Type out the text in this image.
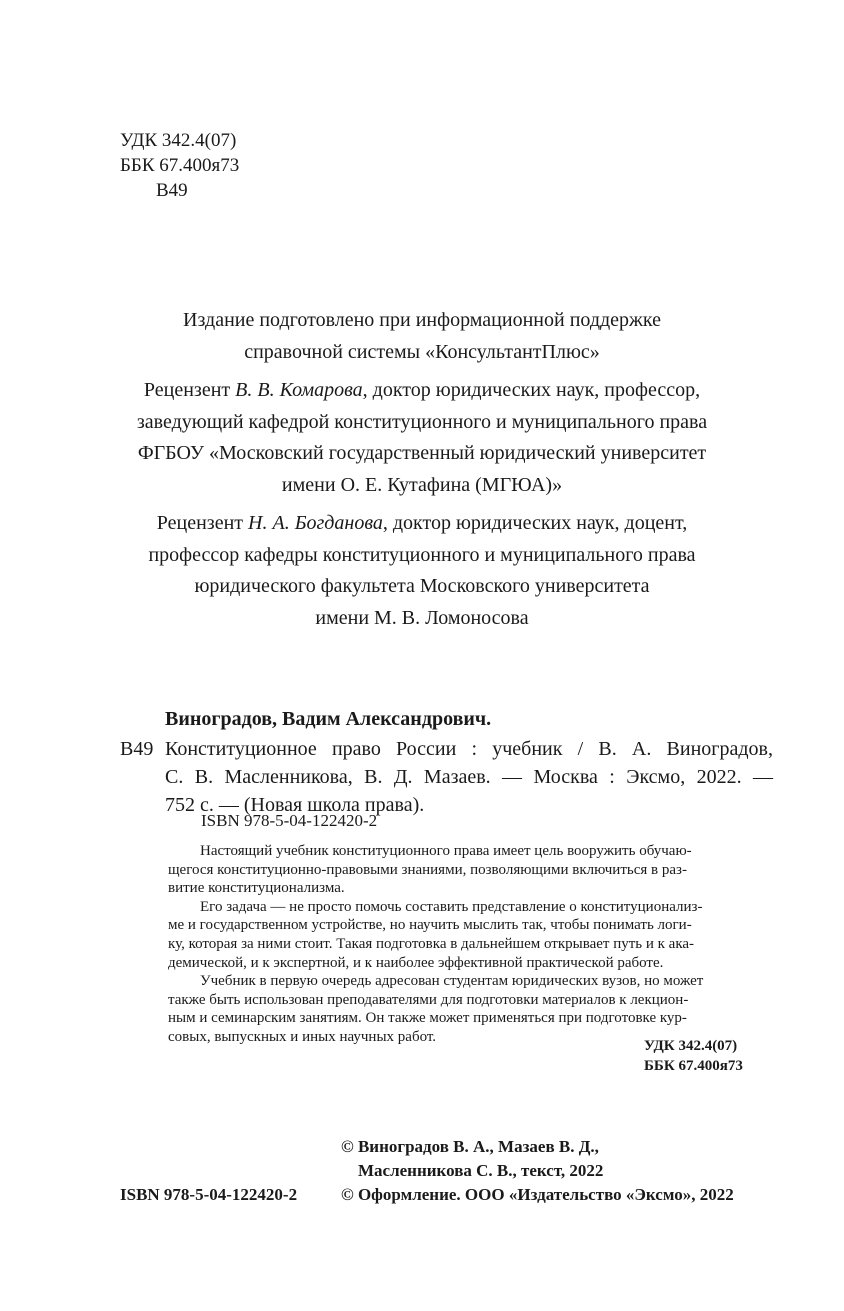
УДК 342.4(07)
ББК 67.400я73
В49
Издание подготовлено при информационной поддержке
справочной системы «КонсультантПлюс»
Рецензент В. В. Комарова, доктор юридических наук, профессор,
заведующий кафедрой конституционного и муниципального права
ФГБОУ «Московский государственный юридический университет
имени О. Е. Кутафина (МГЮА)»
Рецензент Н. А. Богданова, доктор юридических наук, доцент,
профессор кафедры конституционного и муниципального права
юридического факультета Московского университета
имени М. В. Ломоносова
Виноградов, Вадим Александрович.
В49 Конституционное право России : учебник / В. А. Виноградов,
С. В. Масленникова, В. Д. Мазаев. — Москва : Эксмо, 2022. —
752 с. — (Новая школа права).
ISBN 978-5-04-122420-2
Настоящий учебник конституционного права имеет цель вооружить обучаю-
щегося конституционно-правовыми знаниями, позволяющими включиться в раз-
витие конституционализма.
Его задача — не просто помочь составить представление о конституционализ-
ме и государственном устройстве, но научить мыслить так, чтобы понимать логи-
ку, которая за ними стоит. Такая подготовка в дальнейшем открывает путь и к ака-
демической, и к экспертной, и к наиболее эффективной практической работе.
Учебник в первую очередь адресован студентам юридических вузов, но может
также быть использован преподавателями для подготовки материалов к лекцион-
ным и семинарским занятиям. Он также может применяться при подготовке кур-
совых, выпускных и иных научных работ.
УДК 342.4(07)
ББК 67.400я73
© Виноградов В. А., Мазаев В. Д.,
Масленникова С. В., текст, 2022
© Оформление. ООО «Издательство «Эксмо», 2022
ISBN 978-5-04-122420-2
